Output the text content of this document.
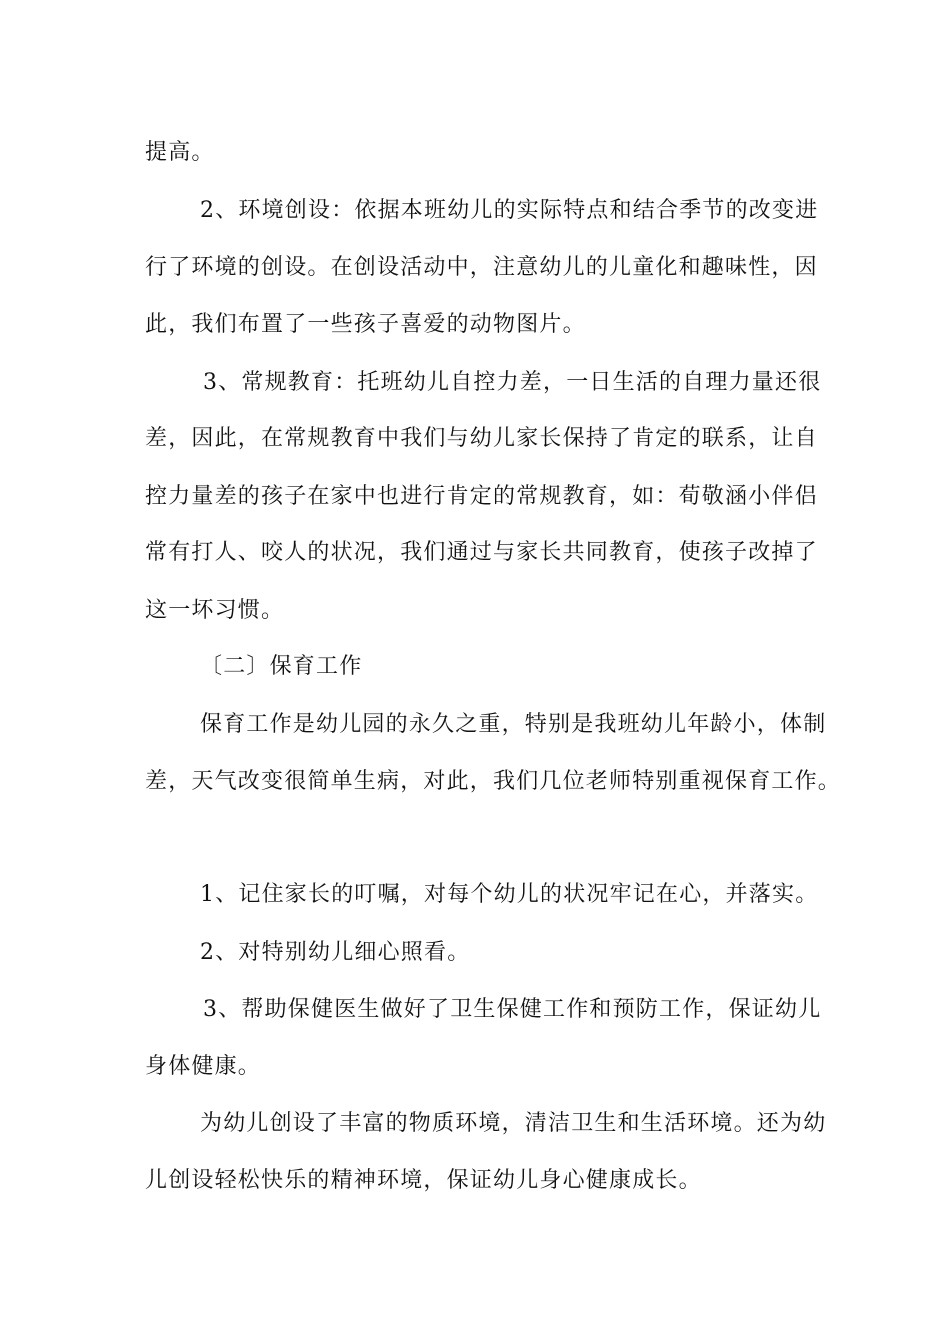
提高。
2、环境创设：依据本班幼儿的实际特点和结合季节的改变进
行了环境的创设。在创设活动中，注意幼儿的儿童化和趣味性，因
此，我们布置了一些孩子喜爱的动物图片。
3、常规教育：托班幼儿自控力差，一日生活的自理力量还很
差，因此，在常规教育中我们与幼儿家长保持了肯定的联系，让自
控力量差的孩子在家中也进行肯定的常规教育，如：荀敬涵小伴侣
常有打人、咬人的状况，我们通过与家长共同教育，使孩子改掉了
这一坏习惯。
〔二〕保育工作
保育工作是幼儿园的永久之重，特别是我班幼儿年龄小，体制
差，天气改变很简单生病，对此，我们几位老师特别重视保育工作。
1、记住家长的叮嘱，对每个幼儿的状况牢记在心，并落实。
2、对特别幼儿细心照看。
3、帮助保健医生做好了卫生保健工作和预防工作，保证幼儿
身体健康。
为幼儿创设了丰富的物质环境，清洁卫生和生活环境。还为幼
儿创设轻松快乐的精神环境，保证幼儿身心健康成长。
